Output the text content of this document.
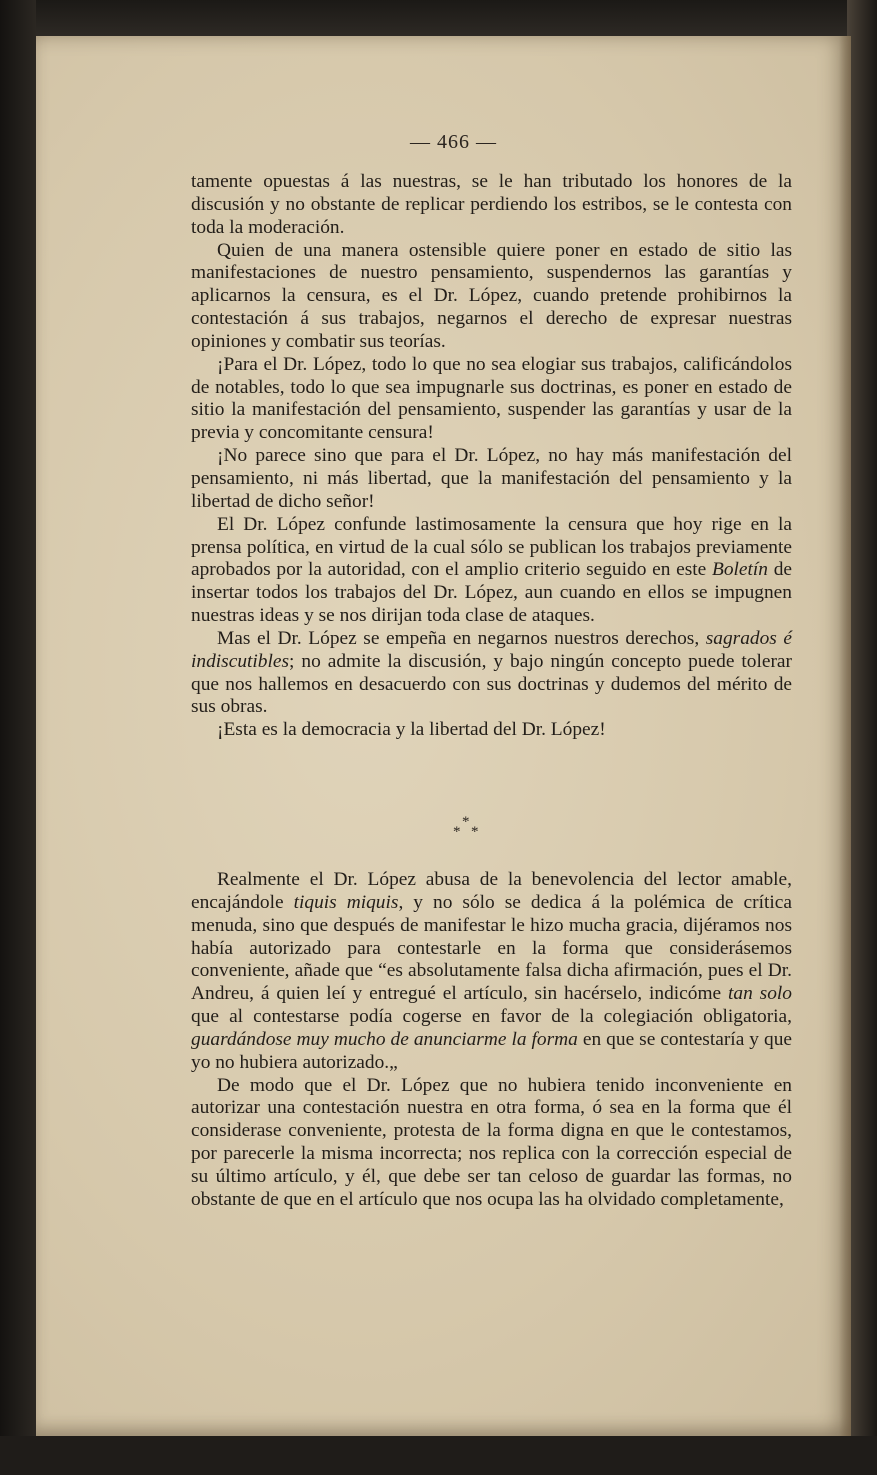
— 466 —

tamente opuestas á las nuestras, se le han tributado los honores de la discusión y no obstante de replicar perdiendo los estribos, se le contesta con toda la moderación.

Quien de una manera ostensible quiere poner en estado de sitio las manifestaciones de nuestro pensamiento, suspendernos las garantías y aplicarnos la censura, es el Dr. López, cuando pretende prohibirnos la contestación á sus trabajos, negarnos el derecho de expresar nuestras opiniones y combatir sus teorías.

¡Para el Dr. López, todo lo que no sea elogiar sus trabajos, calificándolos de notables, todo lo que sea impugnarle sus doctrinas, es poner en estado de sitio la manifestación del pensamiento, suspender las garantías y usar de la previa y concomitante censura!

¡No parece sino que para el Dr. López, no hay más manifestación del pensamiento, ni más libertad, que la manifestación del pensamiento y la libertad de dicho señor!

El Dr. López confunde lastimosamente la censura que hoy rige en la prensa política, en virtud de la cual sólo se publican los trabajos previamente aprobados por la autoridad, con el amplio criterio seguido en este Boletín de insertar todos los trabajos del Dr. López, aun cuando en ellos se impugnen nuestras ideas y se nos dirijan toda clase de ataques.

Mas el Dr. López se empeña en negarnos nuestros derechos, sagrados é indiscutibles; no admite la discusión, y bajo ningún concepto puede tolerar que nos hallemos en desacuerdo con sus doctrinas y dudemos del mérito de sus obras.

¡Esta es la democracia y la libertad del Dr. López!

*
* *

Realmente el Dr. López abusa de la benevolencia del lector amable, encajándole tiquis miquis, y no sólo se dedica á la polémica de crítica menuda, sino que después de manifestar le hizo mucha gracia, dijéramos nos había autorizado para contestarle en la forma que considerásemos conveniente, añade que “es absolutamente falsa dicha afirmación, pues el Dr. Andreu, á quien leí y entregué el artículo, sin hacérselo, indicóme tan solo que al contestarse podía cogerse en favor de la colegiación obligatoria, guardándose muy mucho de anunciarme la forma en que se contestaría y que yo no hubiera autorizado.„

De modo que el Dr. López que no hubiera tenido inconveniente en autorizar una contestación nuestra en otra forma, ó sea en la forma que él considerase conveniente, protesta de la forma digna en que le contestamos, por parecerle la misma incorrecta; nos replica con la corrección especial de su último artículo, y él, que debe ser tan celoso de guardar las formas, no obstante de que en el artículo que nos ocupa las ha olvidado completamente,
